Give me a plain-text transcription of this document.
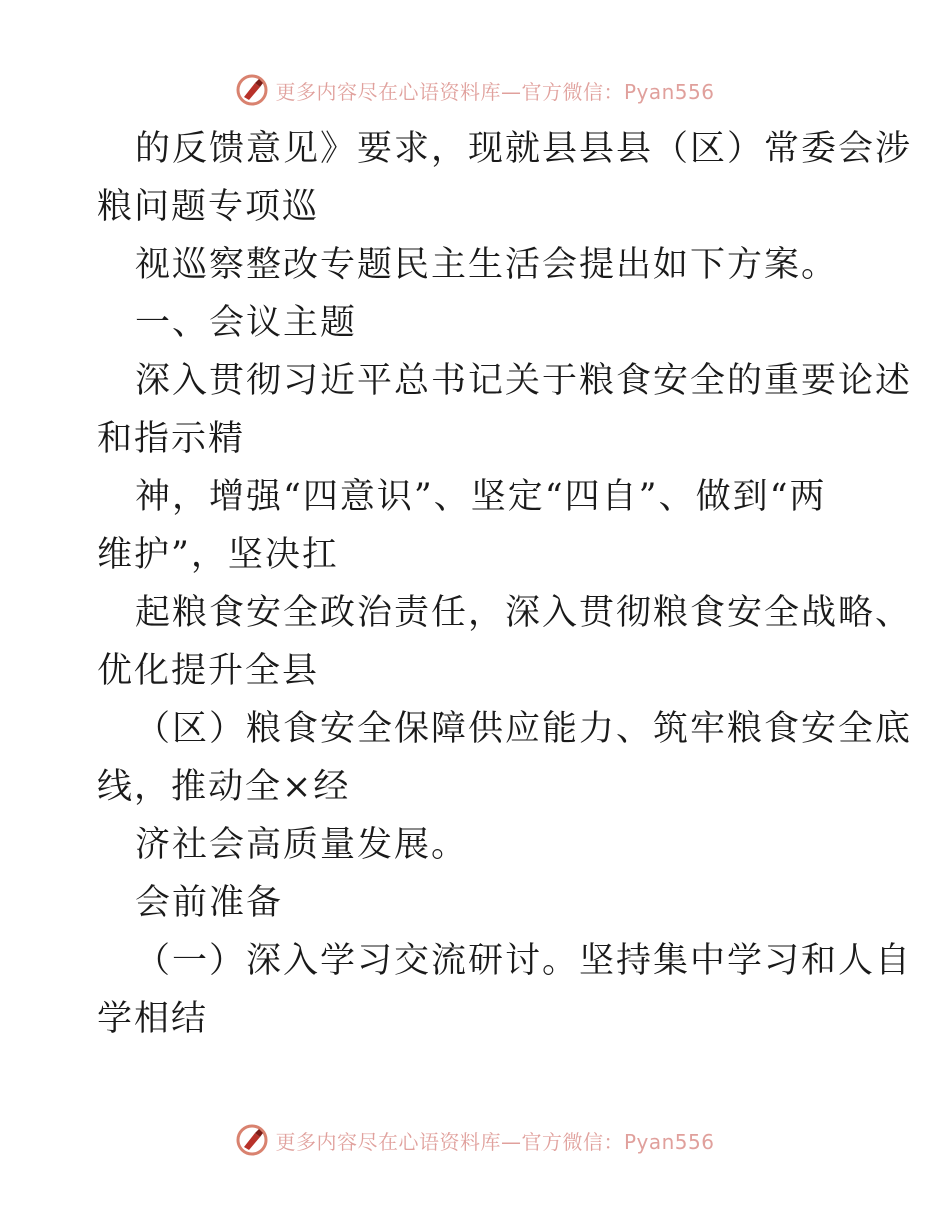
更多内容尽在心语资料库—官方微信：Pyan556
的反馈意见》要求，现就县县县（区）常委会涉
粮问题专项巡
视巡察整改专题民主生活会提出如下方案。
一、会议主题
深入贯彻习近平总书记关于粮食安全的重要论述
和指示精
神，增强“四意识”、坚定“四自”、做到“两
维护”，坚决扛
起粮食安全政治责任，深入贯彻粮食安全战略、
优化提升全县
（区）粮食安全保障供应能力、筑牢粮食安全底
线，推动全×经
济社会高质量发展。
会前准备
（一）深入学习交流研讨。坚持集中学习和人自
学相结
更多内容尽在心语资料库—官方微信：Pyan556
